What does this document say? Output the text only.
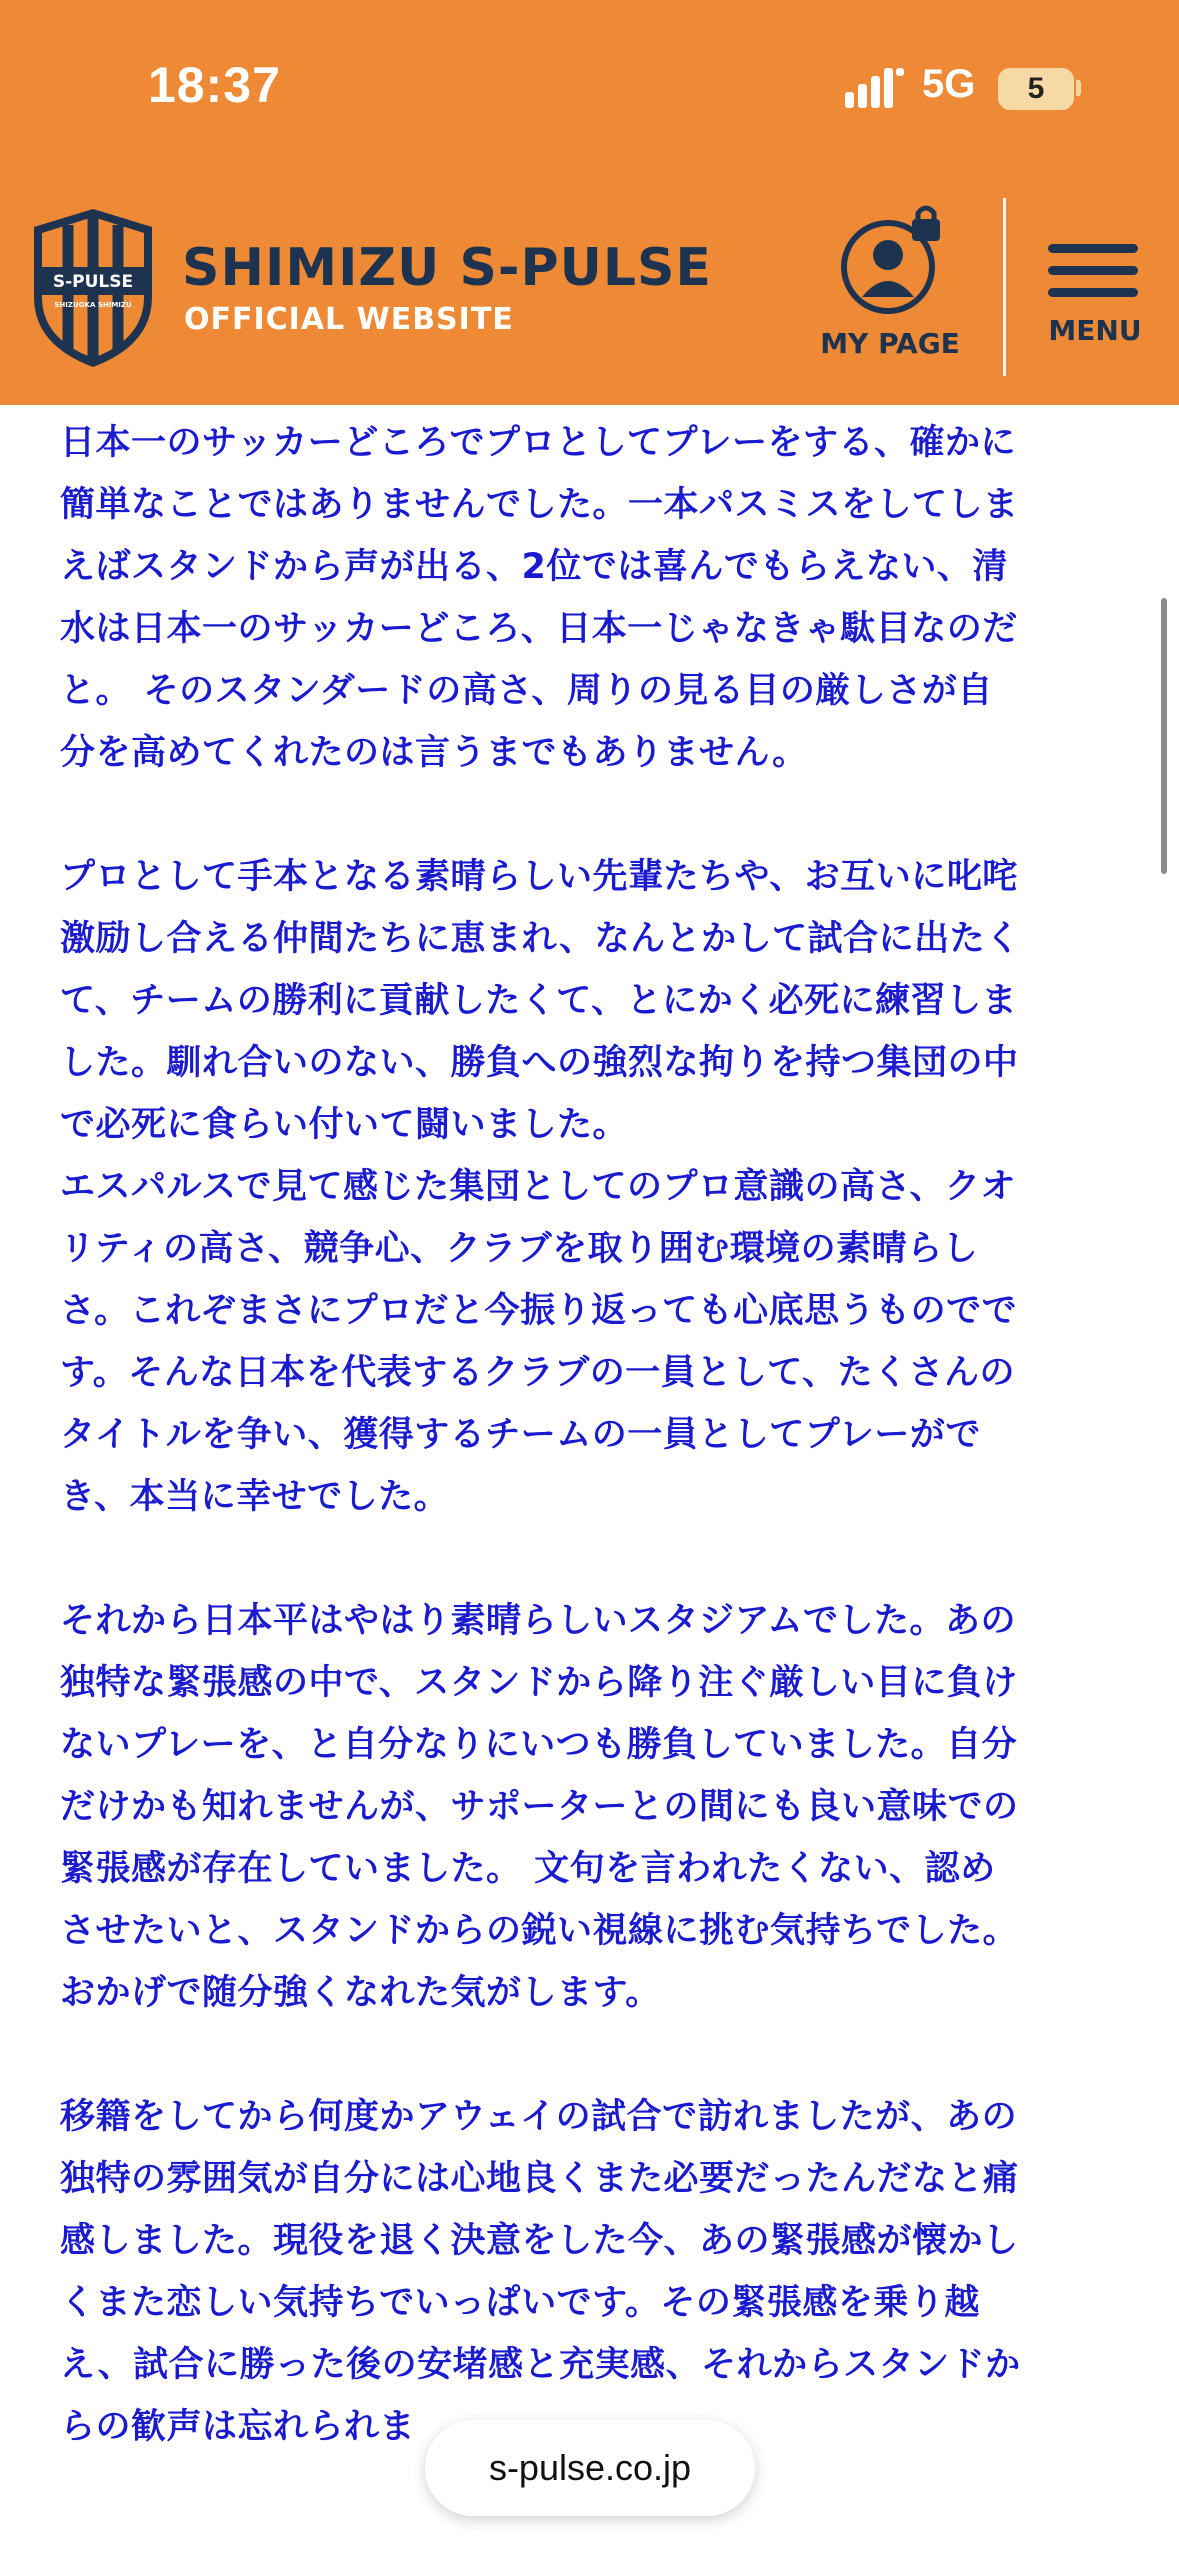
18:37	5G 5
S-PULSE
SHIZUOKA SHIMIZU
SHIMIZU S-PULSE
OFFICIAL WEBSITE
MY PAGE	MENU
日本一のサッカーどころでプロとしてプレーをする、確かに
簡単なことではありませんでした。一本パスミスをしてしま
えばスタンドから声が出る、2位では喜んでもらえない、清
水は日本一のサッカーどころ、日本一じゃなきゃ駄目なのだ
と。 そのスタンダードの高さ、周りの見る目の厳しさが自
分を高めてくれたのは言うまでもありません。
プロとして手本となる素晴らしい先輩たちや、お互いに叱咤
激励し合える仲間たちに恵まれ、なんとかして試合に出たく
て、チームの勝利に貢献したくて、とにかく必死に練習しま
した。馴れ合いのない、勝負への強烈な拘りを持つ集団の中
で必死に食らい付いて闘いました。
エスパルスで見て感じた集団としてのプロ意識の高さ、クオ
リティの高さ、競争心、クラブを取り囲む環境の素晴らし
さ。これぞまさにプロだと今振り返っても心底思うものでで
す。そんな日本を代表するクラブの一員として、たくさんの
タイトルを争い、獲得するチームの一員としてプレーがで
き、本当に幸せでした。
それから日本平はやはり素晴らしいスタジアムでした。あの
独特な緊張感の中で、スタンドから降り注ぐ厳しい目に負け
ないプレーを、と自分なりにいつも勝負していました。自分
だけかも知れませんが、サポーターとの間にも良い意味での
緊張感が存在していました。 文句を言われたくない、認め
させたいと、スタンドからの鋭い視線に挑む気持ちでした。
おかげで随分強くなれた気がします。
移籍をしてから何度かアウェイの試合で訪れましたが、あの
独特の雰囲気が自分には心地良くまた必要だったんだなと痛
感しました。現役を退く決意をした今、あの緊張感が懐かし
くまた恋しい気持ちでいっぱいです。その緊張感を乗り越
え、試合に勝った後の安堵感と充実感、それからスタンドか
らの歓声は忘れられま
s-pulse.co.jp
